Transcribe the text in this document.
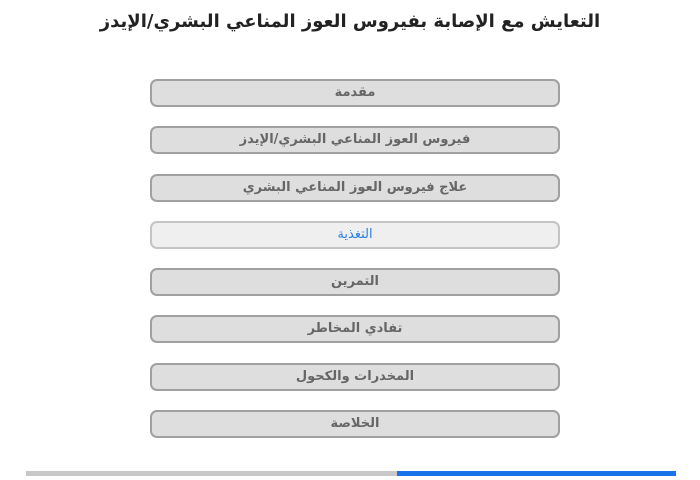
التعايش مع الإصابة بفيروس العوز المناعي البشري/الإيدز
مقدمة
فيروس العوز المناعي البشري/الإيدز
علاج فيروس العوز المناعي البشري
التغذية
التمرين
تفادي المخاطر
المخدرات والكحول
الخلاصة
